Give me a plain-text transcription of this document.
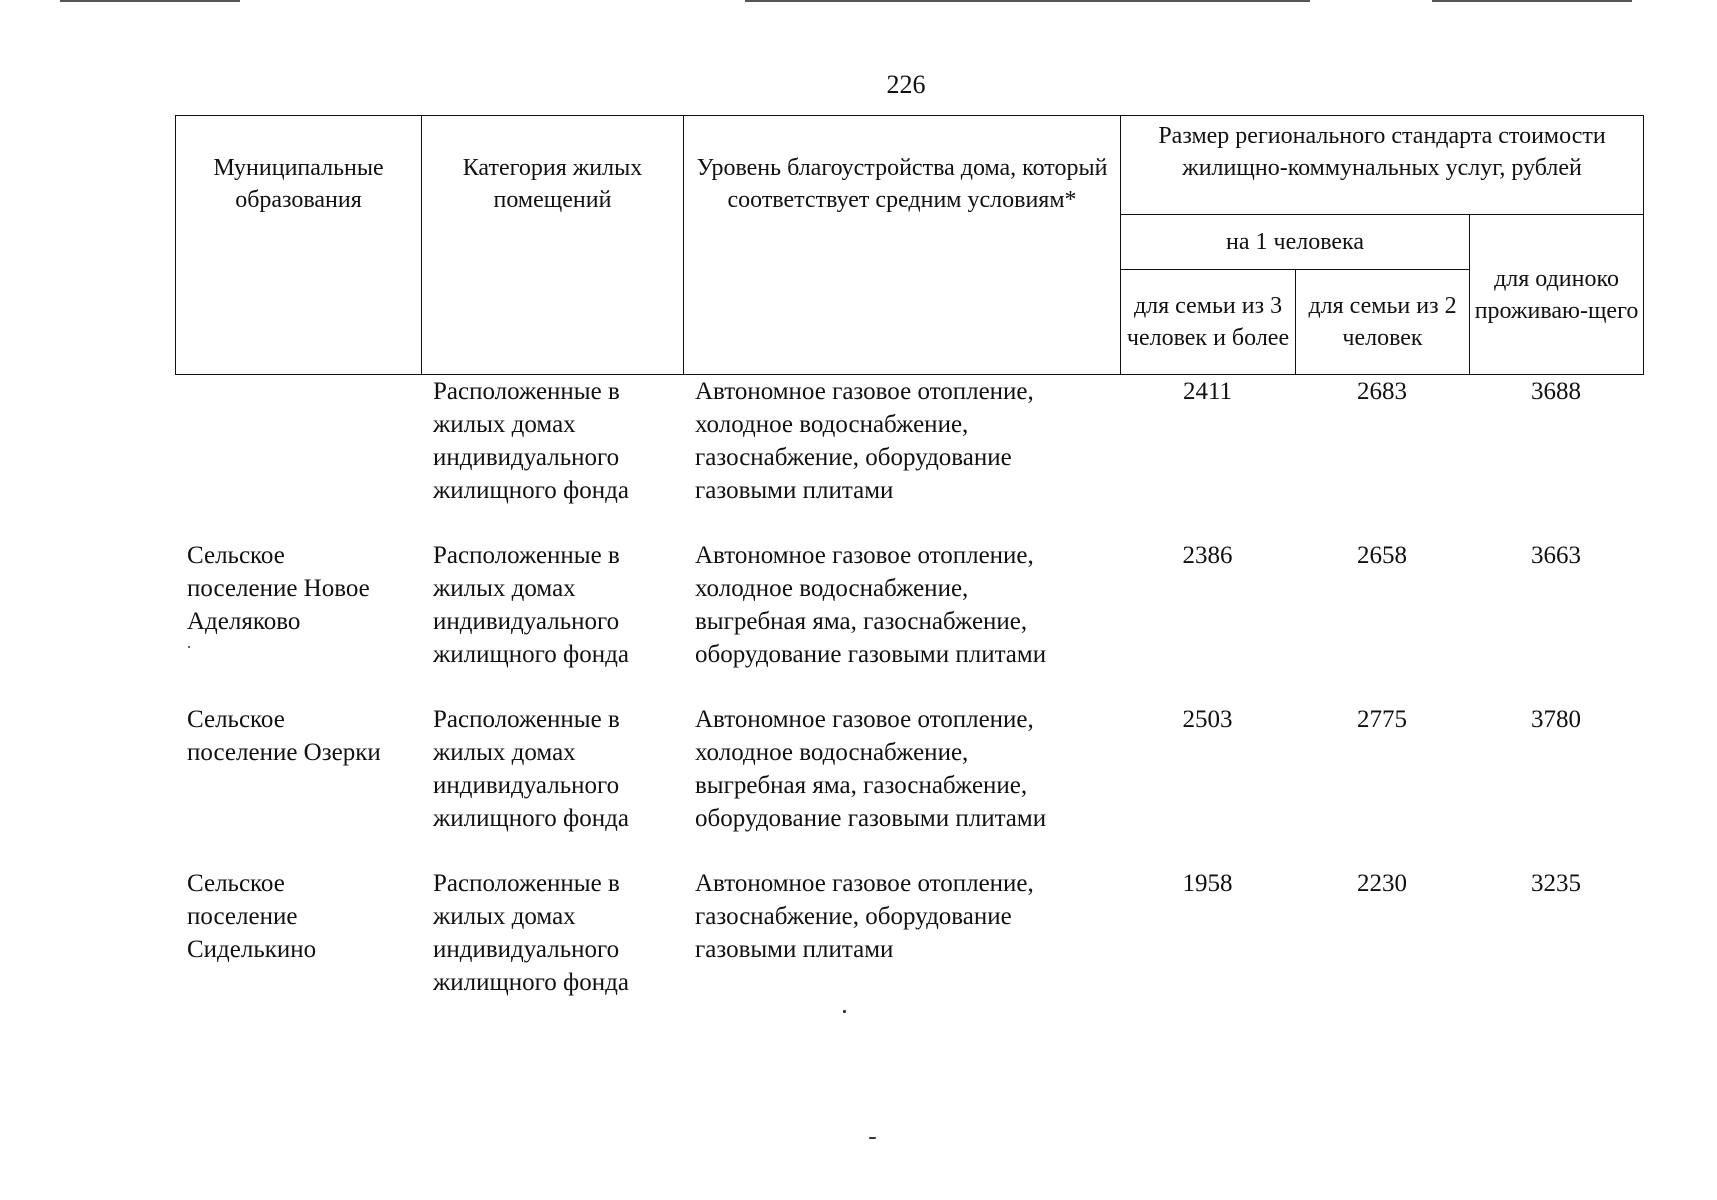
226
Муниципальные образования	Категория жилых помещений	Уровень благоустройства дома, который
соответствует средним условиям*	Размер регионального стандарта стоимости
жилищно-коммунальных услуг, рублей		
			на 1 человека		для одиноко проживаю-щего
			для семьи из 3 человек и более	для семьи из 2 человек	
	Расположенные в
жилых домах
индивидуального
жилищного фонда	Автономное газовое отопление,
холодное водоснабжение,
газоснабжение, оборудование
газовыми плитами	2411	2683	3688
Сельское
поселение Новое
Аделяково	Расположенные в
жилых домах
индивидуального
жилищного фонда	Автономное газовое отопление,
холодное водоснабжение,
выгребная яма, газоснабжение,
оборудование газовыми плитами	2386	2658	3663
Сельское
поселение Озерки	Расположенные в
жилых домах
индивидуального
жилищного фонда	Автономное газовое отопление,
холодное водоснабжение,
выгребная яма, газоснабжение,
оборудование газовыми плитами	2503	2775	3780
Сельское
поселение
Сиделькино	Расположенные в
жилых домах
индивидуального
жилищного фонда	Автономное газовое отопление,
газоснабжение, оборудование
газовыми плитами	1958	2230	3235
